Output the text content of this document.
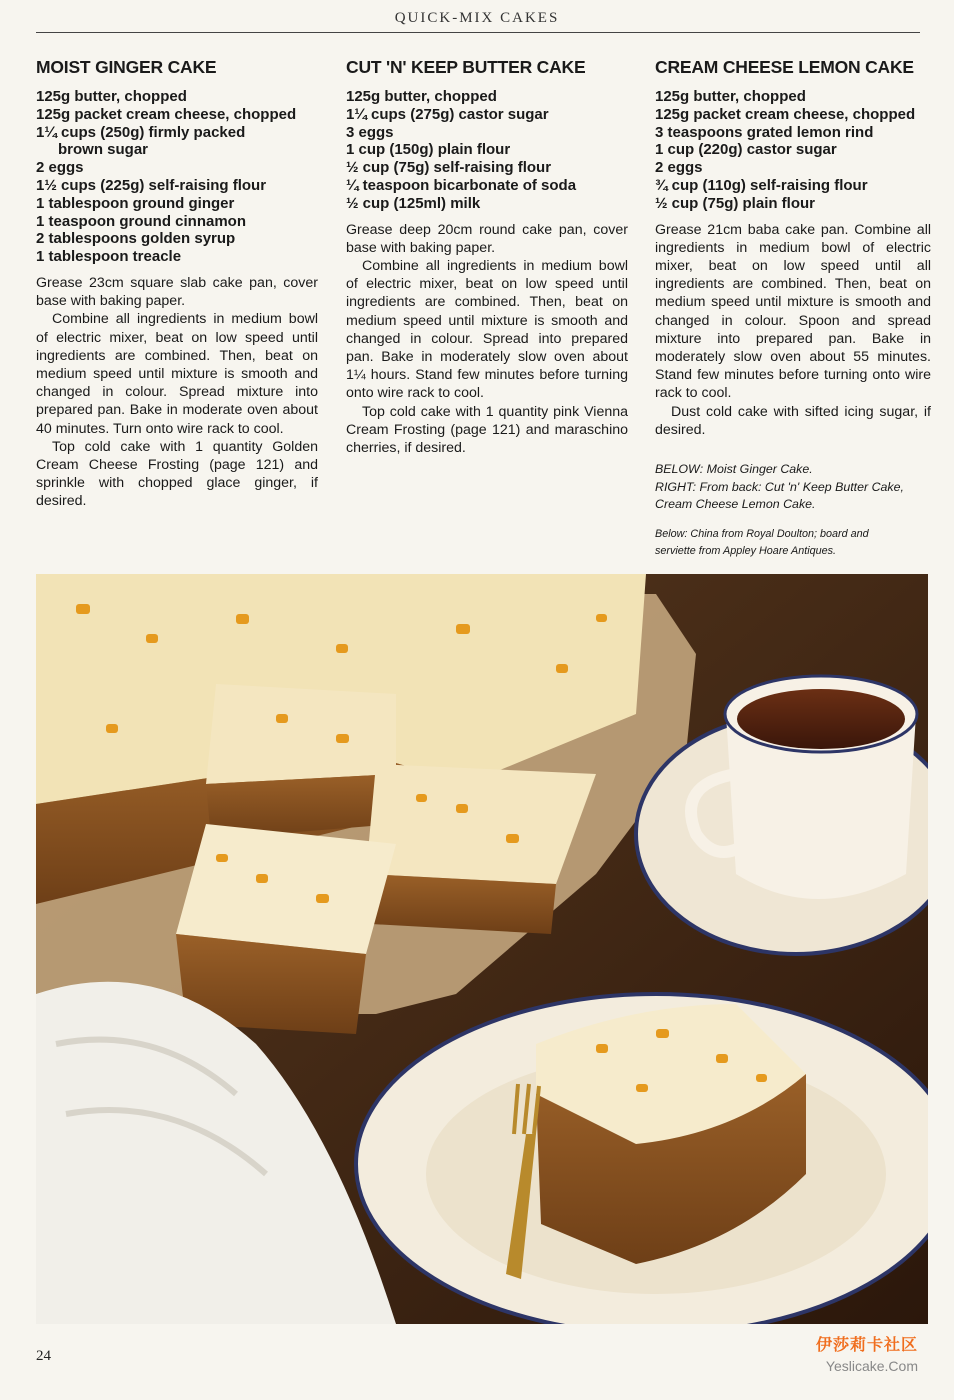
QUICK-MIX CAKES
MOIST GINGER CAKE
125g butter, chopped
125g packet cream cheese, chopped
1¼ cups (250g) firmly packed
brown sugar
2 eggs
1½ cups (225g) self-raising flour
1 tablespoon ground ginger
1 teaspoon ground cinnamon
2 tablespoons golden syrup
1 tablespoon treacle

Grease 23cm square slab cake pan, cover base with baking paper.

Combine all ingredients in medium bowl of electric mixer, beat on low speed until ingredients are combined. Then, beat on medium speed until mixture is smooth and changed in colour. Spread mixture into prepared pan. Bake in moderate oven about 40 minutes. Turn onto wire rack to cool.

Top cold cake with 1 quantity Golden Cream Cheese Frosting (page 121) and sprinkle with chopped glace ginger, if desired.

CUT 'N' KEEP BUTTER CAKE
125g butter, chopped
1¼ cups (275g) castor sugar
3 eggs
1 cup (150g) plain flour
½ cup (75g) self-raising flour
¼ teaspoon bicarbonate of soda
½ cup (125ml) milk

Grease deep 20cm round cake pan, cover base with baking paper.

Combine all ingredients in medium bowl of electric mixer, beat on low speed until ingredients are combined. Then, beat on medium speed until mixture is smooth and changed in colour. Spread into prepared pan. Bake in moderately slow oven about 1¼ hours. Stand few minutes before turning onto wire rack to cool.

Top cold cake with 1 quantity pink Vienna Cream Frosting (page 121) and maraschino cherries, if desired.

CREAM CHEESE LEMON CAKE
125g butter, chopped
125g packet cream cheese, chopped
3 teaspoons grated lemon rind
1 cup (220g) castor sugar
2 eggs
¾ cup (110g) self-raising flour
½ cup (75g) plain flour

Grease 21cm baba cake pan. Combine all ingredients in medium bowl of electric mixer, beat on low speed until all ingredients are combined. Then, beat on medium speed until mixture is smooth and changed in colour. Spoon and spread mixture into prepared pan. Bake in moderately slow oven about 55 minutes. Stand few minutes before turning onto wire rack to cool.

Dust cold cake with sifted icing sugar, if desired.

BELOW: Moist Ginger Cake.

RIGHT: From back: Cut 'n' Keep Butter Cake,

Cream Cheese Lemon Cake.

Below: China from Royal Doulton; board and

serviette from Appley Hoare Antiques.

24
伊莎莉卡社区
Yeslicake.Com
